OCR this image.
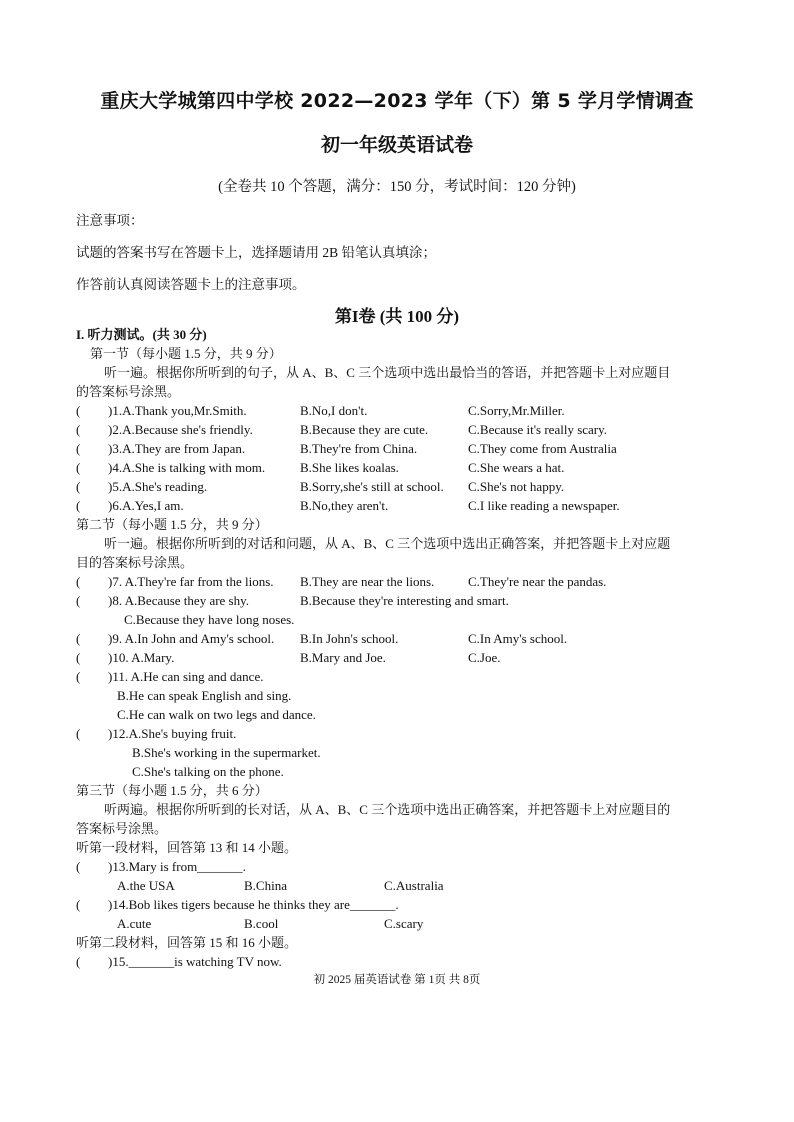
重庆大学城第四中学校 2022—2023 学年（下）第 5 学月学情调查
初一年级英语试卷
(全卷共 10 个答题，满分：150 分，考试时间：120 分钟)
注意事项：
试题的答案书写在答题卡上，选择题请用 2B 铅笔认真填涂；
作答前认真阅读答题卡上的注意事项。
第I卷 (共 100 分)
I. 听力测试。(共 30 分)
第一节（每小题 1.5 分，共 9 分）
听一遍。根据你所听到的句子，从 A、B、C 三个选项中选出最恰当的答语，并把答题卡上对应题目
的答案标号涂黑。
( )1.A.Thank you,Mr.Smith.	B.No,I don't.	C.Sorry,Mr.Miller.
( )2.A.Because she's friendly.	B.Because they are cute.	C.Because it's really scary.
( )3.A.They are from Japan.	B.They're from China.	C.They come from Australia
( )4.A.She is talking with mom.	B.She likes koalas.	C.She wears a hat.
( )5.A.She's reading.	B.Sorry,she's still at school. C.She's not happy.
( )6.A.Yes,I am.	B.No,they aren't.	C.I like reading a newspaper.
第二节（每小题 1.5 分，共 9 分）
听一遍。根据你所听到的对话和问题，从 A、B、C 三个选项中选出正确答案，并把答题卡上对应题
目的答案标号涂黑。
( )7. A.They're far from the lions. B.They are near the lions.	C.They're near the pandas.
( )8. A.Because they are shy.	B.Because they're interesting and smart.
C.Because they have long noses.
( )9. A.In John and Amy's school. B.In John's school.	C.In Amy's school.
( )10. A.Mary.	B.Mary and Joe.	C.Joe.
( )11. A.He can sing and dance.
B.He can speak English and sing.
C.He can walk on two legs and dance.
( )12.A.She's buying fruit.
B.She's working in the supermarket.
C.She's talking on the phone.
第三节（每小题 1.5 分，共 6 分）
听两遍。根据你所听到的长对话，从 A、B、C 三个选项中选出正确答案，并把答题卡上对应题目的
答案标号涂黑。
听第一段材料，回答第 13 和 14 小题。
( )13.Mary is from_______.
A.the USA	B.China	C.Australia
( )14.Bob likes tigers because he thinks they are_______.
A.cute	B.cool	C.scary
听第二段材料，回答第 15 和 16 小题。
( )15._______is watching TV now.
初 2025 届英语试卷 第 1页 共 8页
